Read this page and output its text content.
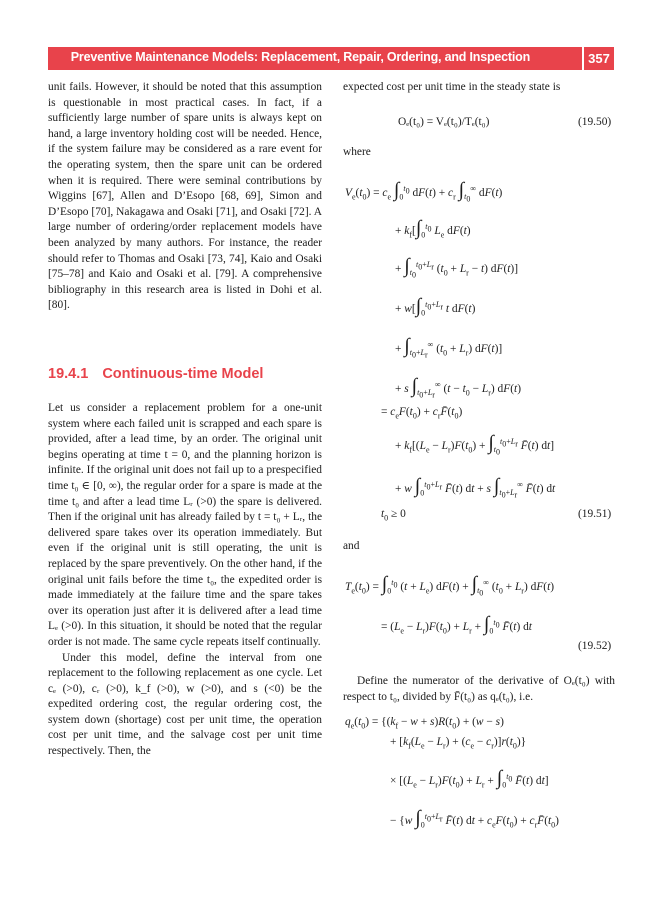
Preventive Maintenance Models: Replacement, Repair, Ordering, and Inspection	357

unit fails. However, it should be noted that this assumption is questionable in most practical cases. In fact, if a sufficiently large number of spare units is always kept on hand, a large inventory holding cost will be needed. Hence, if the system failure may be considered as a rare event for the operating system, then the spare unit can be ordered when it is required. There were seminal contributions by Wiggins [67], Allen and D’Esopo [68, 69], Simon and D’Esopo [70], Nakagawa and Osaki [71], and Osaki [72]. A large number of ordering/order replacement models have been analyzed by many authors. For instance, the reader should refer to Thomas and Osaki [73, 74], Kaio and Osaki [75–78] and Kaio and Osaki et al. [79]. A comprehensive bibliography in this research area is listed in Dohi et al. [80].

19.4.1 Continuous-time Model

Let us consider a replacement problem for a one-unit system where each failed unit is scrapped and each spare is provided, after a lead time, by an order. The original unit begins operating at time t = 0, and the planning horizon is infinite. If the original unit does not fail up to a prespecified time t₀ ∈ [0, ∞), the regular order for a spare is made at the time t₀ and after a lead time Lᵣ (>0) the spare is delivered. Then if the original unit has already failed by t = t₀ + Lᵣ, the delivered spare takes over its operation immediately. But even if the original unit is still operating, the unit is replaced by the spare preventively. On the other hand, if the original unit fails before the time t₀, the expedited order is made immediately at the failure time and the spare takes over its operation just after it is delivered after a lead time Lₑ (>0). In this situation, it should be noted that the regular order is not made. The same cycle repeats itself continually.

Under this model, define the interval from one replacement to the following replacement as one cycle. Let cₑ (>0), cᵣ (>0), k_f (>0), w (>0), and s (<0) be the expedited ordering cost, the regular ordering cost, the system down (shortage) cost per unit time, the operation cost per unit time, and the salvage cost per unit time respectively. Then, the

expected cost per unit time in the steady state is

Oₑ(t₀) = Vₑ(t₀)/Tₑ(t₀)	(19.50)
where
$V_e(t_0) = c_e$ $\int_0^{t_0}$ $dF(t) + c_r$ $\int_{t_0}^\infty$ dF(t)
+ $k_f[\int_0^{t_0}$ $L_e$ dF(t)
+ $\int_{t_0}^{t_0+L_r}$ $(t_0 + L_r - t)$ dF(t)]
+ $w[\int_0^{t_0+L_r}$ t dF(t)
+ $\int_{t_0+L_r}^\infty$ $(t_0 + L_r)$ dF(t)]
+ s $\int_{t_0+L_r}^\infty$ $(t - t_0 - L_r)$ dF(t)
= $c_eF(t_0)$ + $c_rF̄(t_0)$
+ $k_f[(L_e - L_r)F(t_0) + \int_{t_0}^{t_0+L_r}$ F̄(t) dt]
+ w $\int_0^{t_0+L_r}$ F̄(t) dt + s $\int_{t_0+L_r}^\infty$ F̄(t) dt
$t_0 \ge 0$	(19.51)
and
$T_e(t_0) = \int_0^{t_0}$ $(t + L_e)$ $dF(t) + \int_{t_0}^\infty$ $(t_0 + L_r)$ dF(t)
= $(L_e - L_r)F(t_0) + L_r + \int_0^{t_0}$ F̄(t) dt
(19.52)

Define the numerator of the derivative of Oₑ(t₀) with respect to t₀, divided by F̄(t₀) as qₑ(t₀), i.e.

$q_e(t_0) = \{(k_f - w + s)R(t_0) + (w - s)$
+ $[k_f(L_e - L_r) + (c_e - c_r)]r(t_0)$}
× [$(L_e - L_r)F(t_0) + L_r + \int_0^{t_0}$ F̄(t) dt]
− {w $\int_0^{t_0+L_r}$ F̄(t) dt + $c_eF(t_0)$ + $c_rF̄(t_0)$
